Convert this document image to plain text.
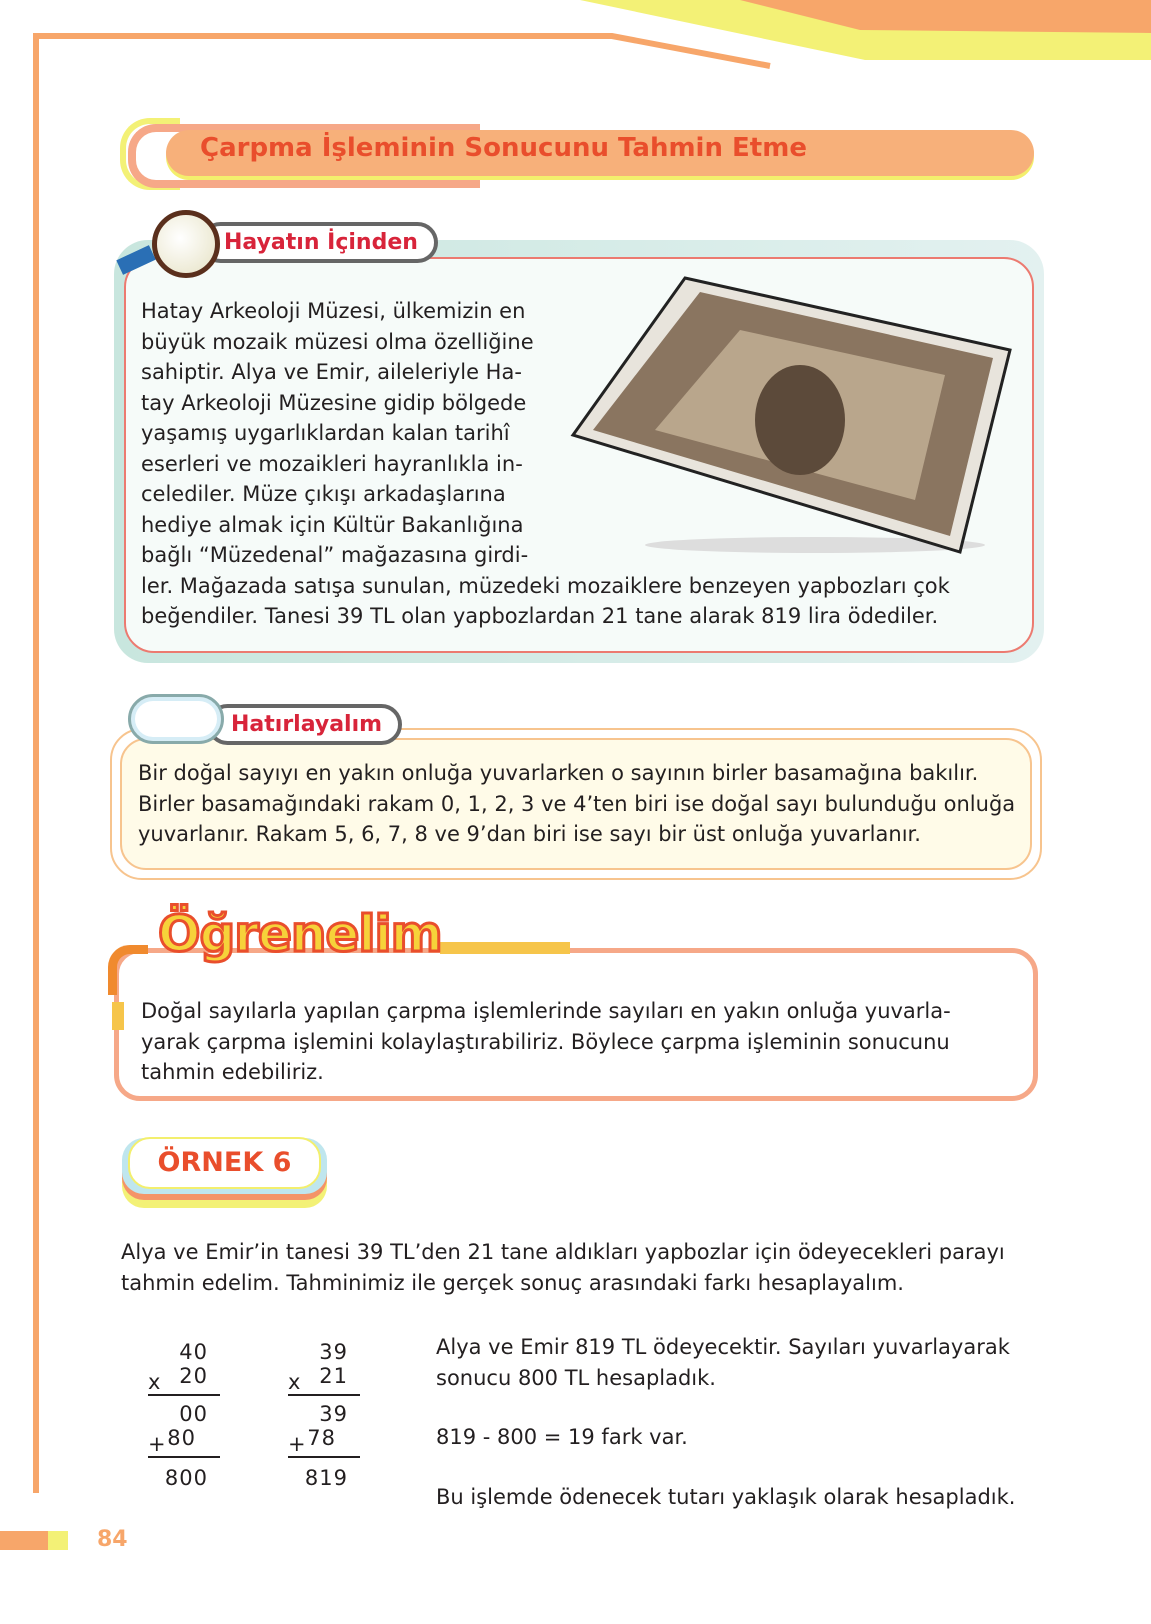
Çarpma İşleminin Sonucunu Tahmin Etme
Hayatın İçinden
Hatay Arkeoloji Müzesi, ülkemizin en
büyük mozaik müzesi olma özelliğine
sahiptir. Alya ve Emir, aileleriyle Ha-
tay Arkeoloji Müzesine gidip bölgede
yaşamış uygarlıklardan kalan tarihî
eserleri ve mozaikleri hayranlıkla in-
celediler. Müze çıkışı arkadaşlarına
hediye almak için Kültür Bakanlığına
bağlı “Müzedenal” mağazasına girdi-
ler. Mağazada satışa sunulan, müzedeki mozaiklere benzeyen yapbozları çok
beğendiler. Tanesi 39 TL olan yapbozlardan 21 tane alarak 819 lira ödediler.
Hatırlayalım
Bir doğal sayıyı en yakın onluğa yuvarlarken o sayının birler basamağına bakılır.
Birler basamağındaki rakam 0, 1, 2, 3 ve 4’ten biri ise doğal sayı bulunduğu onluğa
yuvarlanır. Rakam 5, 6, 7, 8 ve 9’dan biri ise sayı bir üst onluğa yuvarlanır.
Öğrenelim
Doğal sayılarla yapılan çarpma işlemlerinde sayıları en yakın onluğa yuvarla-
yarak çarpma işlemini kolaylaştırabiliriz. Böylece çarpma işleminin sonucunu
tahmin edebiliriz.
ÖRNEK 6
Alya ve Emir’in tanesi 39 TL’den 21 tane aldıkları yapbozlar için ödeyecekleri parayı
tahmin edelim. Tahminimiz ile gerçek sonuç arasındaki farkı hesaplayalım.
40
x 20
00
+ 80
800
39
x 21
39
+ 78
819
Alya ve Emir 819 TL ödeyecektir. Sayıları yuvarlayarak
sonucu 800 TL hesapladık.
819 - 800 = 19 fark var.
Bu işlemde ödenecek tutarı yaklaşık olarak hesapladık.
84
